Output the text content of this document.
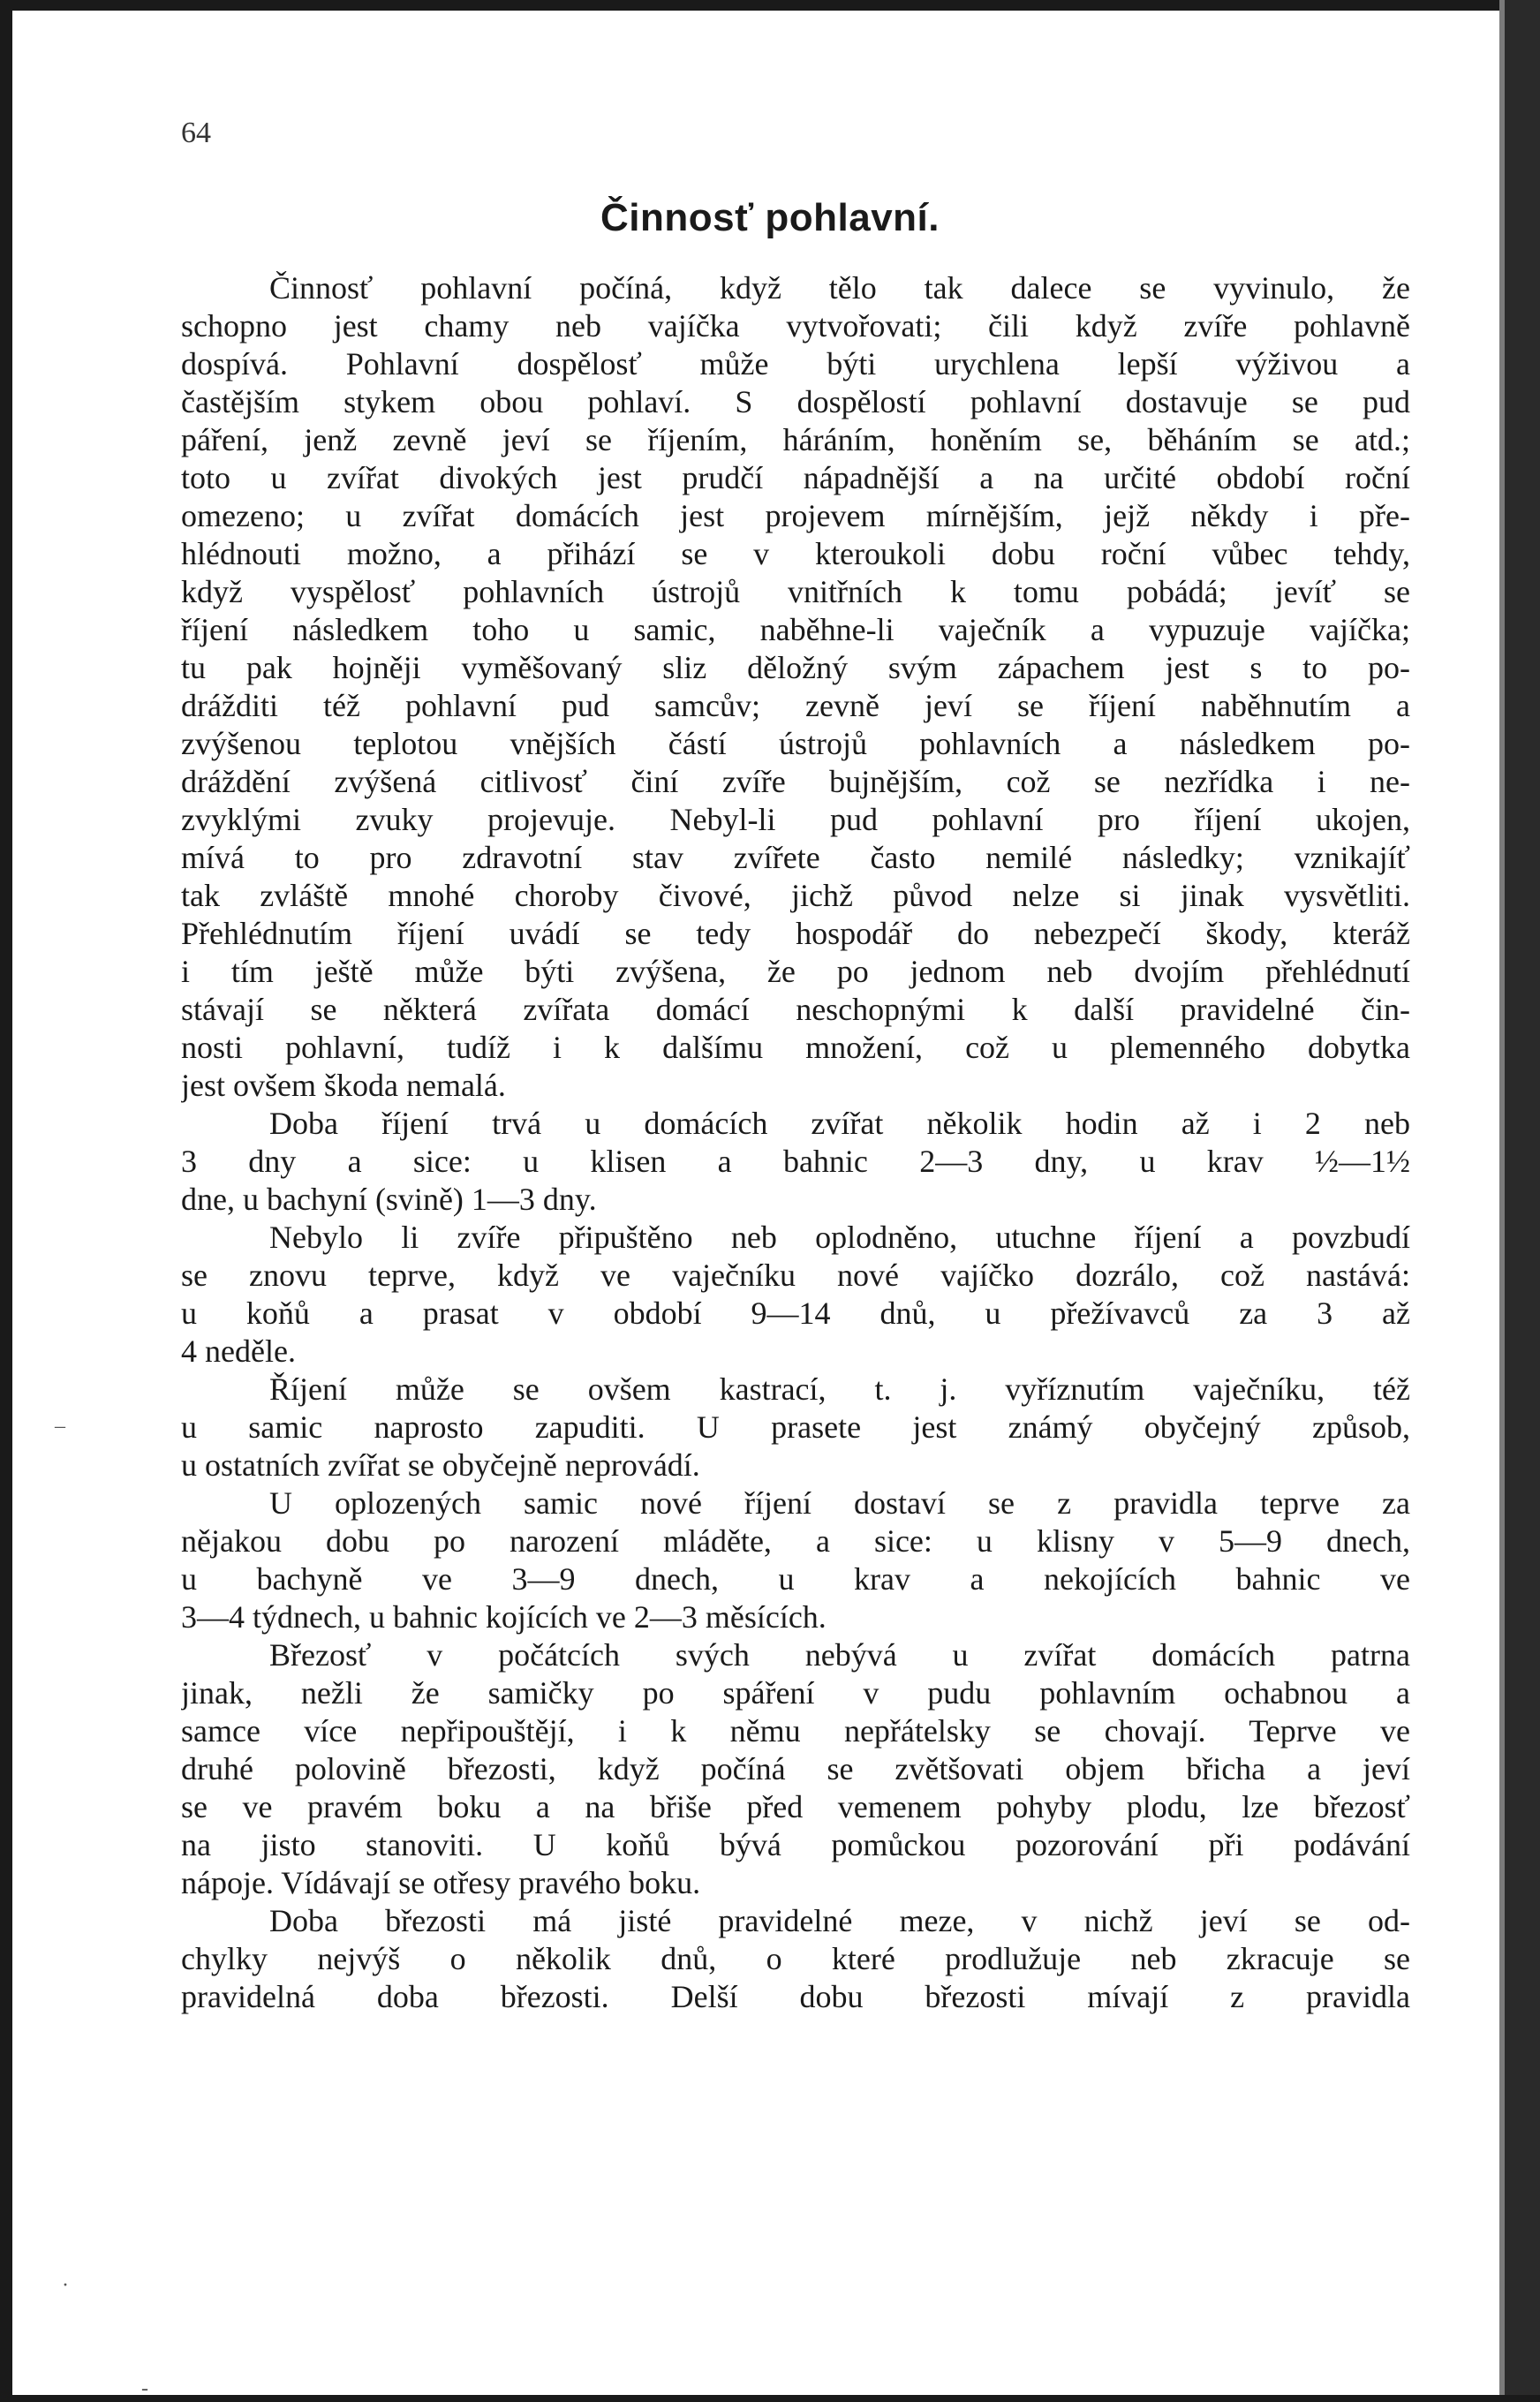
64
Činnosť pohlavní.
Činnosť pohlavní počíná, když tělo tak dalece se vyvinulo, že
schopno jest chamy neb vajíčka vytvořovati; čili když zvíře pohlavně
dospívá. Pohlavní dospělosť může býti urychlena lepší výživou a
častějším stykem obou pohlaví. S dospělostí pohlavní dostavuje se pud
páření, jenž zevně jeví se říjením, háráním, honěním se, běháním se atd.;
toto u zvířat divokých jest prudčí nápadnější a na určité období roční
omezeno; u zvířat domácích jest projevem mírnějším, jejž někdy i pře-
hlédnouti možno, a přihází se v kteroukoli dobu roční vůbec tehdy,
když vyspělosť pohlavních ústrojů vnitřních k tomu pobádá; jevíť se
říjení následkem toho u samic, naběhne-li vaječník a vypuzuje vajíčka;
tu pak hojněji vyměšovaný sliz děložný svým zápachem jest s to po-
drážditi též pohlavní pud samcův; zevně jeví se říjení naběhnutím a
zvýšenou teplotou vnějších částí ústrojů pohlavních a následkem po-
dráždění zvýšená citlivosť činí zvíře bujnějším, což se nezřídka i ne-
zvyklými zvuky projevuje. Nebyl-li pud pohlavní pro říjení ukojen,
mívá to pro zdravotní stav zvířete často nemilé následky; vznikajíť
tak zvláště mnohé choroby čivové, jichž původ nelze si jinak vysvětliti.
Přehlédnutím říjení uvádí se tedy hospodář do nebezpečí škody, kteráž
i tím ještě může býti zvýšena, že po jednom neb dvojím přehlédnutí
stávají se některá zvířata domácí neschopnými k další pravidelné čin-
nosti pohlavní, tudíž i k dalšímu množení, což u plemenného dobytka
jest ovšem škoda nemalá.
Doba říjení trvá u domácích zvířat několik hodin až i 2 neb
3 dny a sice: u klisen a bahnic 2—3 dny, u krav ½—1½
dne, u bachyní (svině) 1—3 dny.
Nebylo li zvíře připuštěno neb oplodněno, utuchne říjení a povzbudí
se znovu teprve, když ve vaječníku nové vajíčko dozrálo, což nastává:
u koňů a prasat v období 9—14 dnů, u přežívavců za 3 až
4 neděle.
Říjení může se ovšem kastrací, t. j. vyříznutím vaječníku, též
u samic naprosto zapuditi. U prasete jest známý obyčejný způsob,
u ostatních zvířat se obyčejně neprovádí.
U oplozených samic nové říjení dostaví se z pravidla teprve za
nějakou dobu po narození mláděte, a sice: u klisny v 5—9 dnech,
u bachyně ve 3—9 dnech, u krav a nekojících bahnic ve
3—4 týdnech, u bahnic kojících ve 2—3 měsících.
Březosť v počátcích svých nebývá u zvířat domácích patrna
jinak, nežli že samičky po spáření v pudu pohlavním ochabnou a
samce více nepřipouštějí, i k němu nepřátelsky se chovají. Teprve ve
druhé polovině březosti, když počíná se zvětšovati objem břicha a jeví
se ve pravém boku a na břiše před vemenem pohyby plodu, lze březosť
na jisto stanoviti. U koňů bývá pomůckou pozorování při podávání
nápoje. Vídávají se otřesy pravého boku.
Doba březosti má jisté pravidelné meze, v nichž jeví se od-
chylky nejvýš o několik dnů, o které prodlužuje neb zkracuje se
pravidelná doba březosti. Delší dobu březosti mívají z pravidla
–
·
-
